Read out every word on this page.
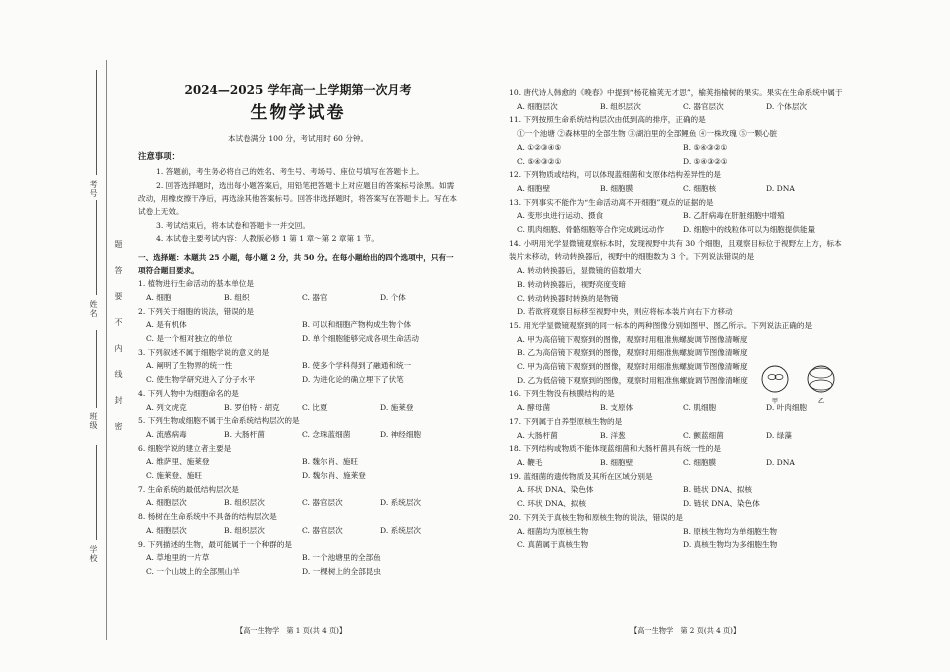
考号
姓名
班级
学校
题
答
要
不
内
线
封
密
2024—2025 学年高一上学期第一次月考
生物学试卷
本试卷满分 100 分，考试用时 60 分钟。
注意事项：

1. 答题前，考生务必将自己的姓名、考生号、考场号、座位号填写在答题卡上。

2. 回答选择题时，选出每小题答案后，用铅笔把答题卡上对应题目的答案标号涂黑。如需改动，用橡皮擦干净后，再选涂其他答案标号。回答非选择题时，将答案写在答题卡上。写在本试卷上无效。

3. 考试结束后，将本试卷和答题卡一并交回。

4. 本试卷主要考试内容：人教版必修 1 第 1 章～第 2 章第 1 节。

一、选择题：本题共 25 小题，每小题 2 分，共 50 分。在每小题给出的四个选项中，只有一项符合题目要求。
1. 植物进行生命活动的基本单位是
A. 细胞	B. 组织	C. 器官	D. 个体
2. 下列关于细胞的说法，错误的是
A. 是有机体	B. 可以和细胞产物构成生物个体
C. 是一个相对独立的单位	D. 单个细胞能够完成各项生命活动
3. 下列叙述不属于细胞学说的意义的是
A. 阐明了生物界的统一性	B. 使多个学科得到了融通和统一
C. 使生物学研究进入了分子水平	D. 为进化论的确立埋下了伏笔
4. 下列人物中为细胞命名的是
A. 列文虎克	B. 罗伯特 · 胡克	C. 比夏	D. 施莱登
5. 下列生物或细胞不属于生命系统结构层次的是
A. 流感病毒	B. 大肠杆菌	C. 念珠蓝细菌	D. 神经细胞
6. 细胞学说的建立者主要是
A. 维萨里、施莱登	B. 魏尔肖、施旺
C. 施莱登、施旺	D. 魏尔肖、施莱登
7. 生命系统的最低结构层次是
A. 细胞层次	B. 组织层次	C. 器官层次	D. 系统层次
8. 杨树在生命系统中不具备的结构层次是
A. 细胞层次	B. 组织层次	C. 器官层次	D. 系统层次
9. 下列描述的生物，最可能属于一个种群的是
A. 草地里的一片草	B. 一个池塘里的全部鱼
C. 一个山坡上的全部黑山羊	D. 一棵树上的全部昆虫
10. 唐代诗人韩愈的《晚春》中提到“杨花榆荚无才思”，榆荚指榆树的果实。果实在生命系统中属于
A. 细胞层次	B. 组织层次	C. 器官层次	D. 个体层次
11. 下列按照生命系统结构层次由低到高的排序，正确的是
①一个池塘 ②森林里的全部生物 ③湖泊里的全部鲤鱼 ④一株玫瑰 ⑤一颗心脏
A. ①②③④⑤	B. ⑤④③②①
C. ⑤④③②①	D. ⑤④③②①
12. 下列物质或结构，可以体现蓝细菌和支原体结构差异性的是
A. 细胞壁	B. 细胞膜	C. 细胞核	D. DNA
13. 下列事实不能作为“生命活动离不开细胞”观点的证据的是
A. 变形虫进行运动、摄食	B. 乙肝病毒在肝脏细胞中增殖
C. 肌肉细胞、骨骼细胞等合作完成跳远动作	D. 细胞中的线粒体可以为细胞提供能量
14. 小明用光学显微镜观察标本时，发现视野中共有 30 个细胞，且观察目标位于视野左上方，标本装片未移动，转动转换器后，视野中的细胞数为 3 个。下列说法错误的是
A. 转动转换器后，显微镜的倍数增大
B. 转动转换器后，视野亮度变暗
C. 转动转换器时转换的是物镜
D. 若欲将观察目标移至视野中央，则应将标本装片向右下方移动
15. 用光学显微镜观察到的同一标本的两种图像分别如图甲、图乙所示。下列说法正确的是
A. 甲为高倍镜下观察到的图像，观察时用粗准焦螺旋调节图像清晰度
B. 乙为高倍镜下观察到的图像，观察时用细准焦螺旋调节图像清晰度
C. 甲为高倍镜下观察到的图像，观察时用细准焦螺旋调节图像清晰度
D. 乙为低倍镜下观察到的图像，观察时用粗准焦螺旋调节图像清晰度
16. 下列生物没有核膜结构的是
A. 酵母菌	B. 支原体	C. 肌细胞	D. 叶肉细胞
17. 下列属于自养型原核生物的是
A. 大肠杆菌	B. 洋葱	C. 颤蓝细菌	D. 绿藻
18. 下列结构或物质不能体现蓝细菌和大肠杆菌具有统一性的是
A. 鞭毛	B. 细胞壁	C. 细胞膜	D. DNA
19. 蓝细菌的遗传物质及其所在区域分别是
A. 环状 DNA、染色体	B. 链状 DNA、拟核
C. 环状 DNA、拟核	D. 链状 DNA、染色体
20. 下列关于真核生物和原核生物的说法，错误的是
A. 细菌均为原核生物	B. 原核生物均为单细胞生物
C. 真菌属于真核生物	D. 真核生物均为多细胞生物
甲	乙
【高一生物学　第 1 页(共 4 页)】	【高一生物学　第 2 页(共 4 页)】
